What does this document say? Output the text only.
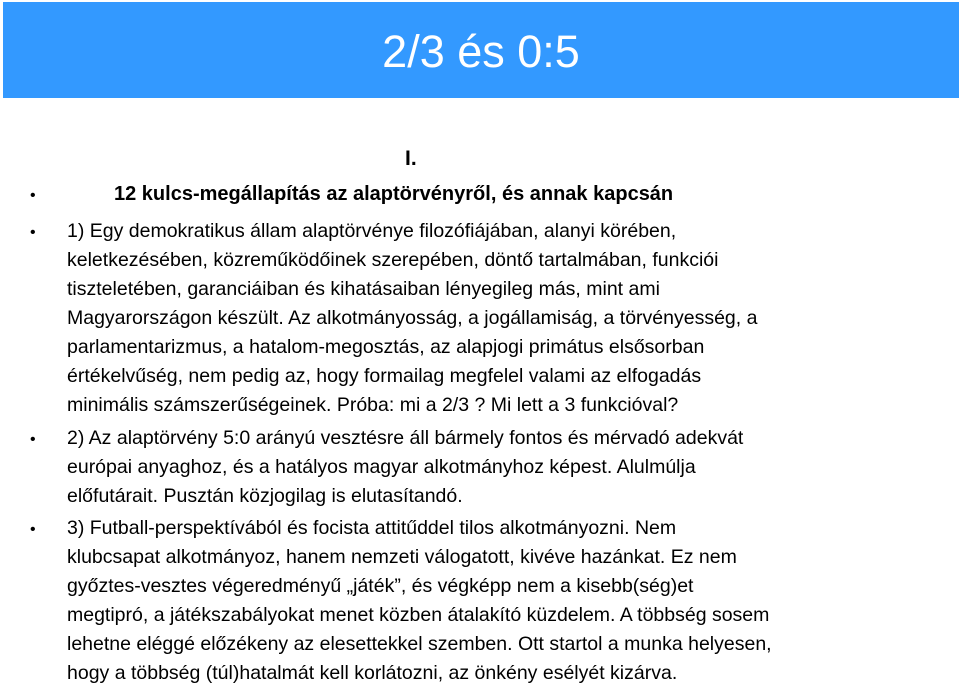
2/3 és 0:5
I.
•	12 kulcs-megállapítás az alaptörvényről, és annak kapcsán
• 1) Egy demokratikus állam alaptörvénye filozófiájában, alanyi körében,
keletkezésében, közreműködőinek szerepében, döntő tartalmában, funkciói
tiszteletében, garanciáiban és kihatásaiban lényegileg más, mint ami
Magyarországon készült. Az alkotmányosság, a jogállamiság, a törvényesség, a
parlamentarizmus, a hatalom-megosztás, az alapjogi primátus elsősorban
értékelvűség, nem pedig az, hogy formailag megfelel valami az elfogadás
minimális számszerűségeinek. Próba: mi a 2/3 ? Mi lett a 3 funkcióval?
• 2) Az alaptörvény 5:0 arányú vesztésre áll bármely fontos és mérvadó adekvát
európai anyaghoz, és a hatályos magyar alkotmányhoz képest. Alulmúlja
előfutárait. Pusztán közjogilag is elutasítandó.
• 3) Futball-perspektívából és focista attitűddel tilos alkotmányozni. Nem
klubcsapat alkotmányoz, hanem nemzeti válogatott, kivéve hazánkat. Ez nem
győztes-vesztes végeredményű „játék”, és végképp nem a kisebb(ség)et
megtipró, a játékszabályokat menet közben átalakító küzdelem. A többség sosem
lehetne eléggé előzékeny az elesettekkel szemben. Ott startol a munka helyesen,
hogy a többség (túl)hatalmát kell korlátozni, az önkény esélyét kizárva.
